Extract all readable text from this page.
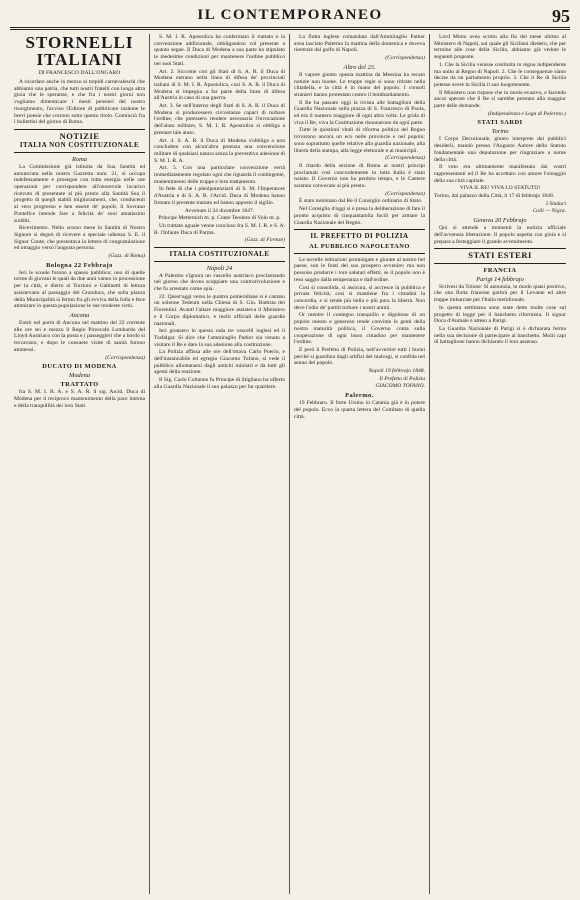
IL CONTEMPORANEO	95
STORNELLI
ITALIANI
DI FRANCESCO DALL'ONGARO

A ricordare anche in mezzo ai trepidi carnevaleschi che abbiamo una patria, che tutti nostri fratelli con lunga altra gioia che le speranze, e che fra i nostri giorni non vogliamo dimenticare i mesti pensieri del nostro risorgimento, l'avviso l'Editore di pubblicare insieme le brevi poesie che corrono sotto questo titolo. Cominciò fra i bollettini del giorno di Roma.

NOTIZIE
ITALIA NON COSTITUZIONALE
Roma

La Commissione già istituita da Sua Santità ed annunciata nella nostra Gazzetta num. 21, si occupa indefessamente e prosegue con tutta energia nelle sue operazioni per corrispondere all'onorevole incarico ricevuto di presentare al più presto alla Santità Sua il progetto di quegli stabili miglioramenti, che, conducenti al vero progresso e ben essere de' popoli, il Sovrano Pontefice intende fare a felicità de' suoi amatissimi sudditi.

Ricevimento. Nello scorso mese la Santità di Nostro Signore si degnò di ricevere a speciale udienza S. E. il Signor Conte, che presentava la lettera di congratulazione ed omaggio verso l'augusta persona.

(Gazz. di Roma)
Bologna 22 Febbrajo

Ieri le scuole furono a spasso pubblico; uno di quelle torme di giovani le quali da due anni vanno in processione per la città, e dietro ai Torrioni e Gabinetti di lettura assistevano al passaggio dei Granduca, che sulla piazza della Municipalità si fermò fra gli evviva della folla e fece ammirare in questa popolazione le sue modeste virtù.

Ancona

Entrò nel porto di Ancona nel mattino del 22 corrente alle ore sei e mezzo il Regio Piroscafo Lombardo del Lloyd Austriaco con la posta e i passeggieri che a bordo si trovavano, e dopo le consuete visite di sanità furono ammessi.

(Corrispondenza)
DUCATO DI MODENA
Modena
TRATTATO

fra S. M. I. R. A. e S. A. R. il sig. Arcid. Duca di Modena per il reciproco mantenimento della pace interna e della tranquillità dei loro Stati.

S. M. I. R. Apostolica ha confermato il trattato e la convenzione addizionale, obbligandosi col presente a quanto segue. Il Duca di Modena a sua parte ha stipulato le medesime condizioni per mantenere l'ordine pubblico nei suoi Stati.

Art. 2. Siccome con gli Stati di S. A. R. il Duca di Modena entrano nella linea di difesa de' provinciali italiani di S. M. I. R. Apostolica, così S. A. R. il Duca di Modena si impegna a far parte della linea di difesa all'Austria in caso di una guerra.

Art. 3. Se nell'interno degli Stati di S. A. R. il Duca di Modena si producessero circostanze capaci di turbare l'ordine, che potessero rendere necessaria l'invocazione dell'aiuto militare, S. M. I. R. Apostolica si obbliga a prestare tale aiuto.

Art. 4. S. A. R. il Duca di Modena s'obbliga a non concludere con alcun'altra potenza una convenzione militare di qualsiasi natura senza la preventiva adesione di S. M. I. R. A.

Art. 5. Con una particolare convenzione verrà immediatamente regolato ogni che riguarda il contingente, mantenimento delle truppe e loro trattamento.

In fede di che i plenipotenziarii di S. M. l'Imperatore d'Austria e di S. A. R. l'Arcid. Duca di Modena hanno firmato il presente trattato ed hanno apposto il sigillo.

Avvenuto il 24 dicembre 1847.
Principe Metternich m. p. Conte Teodoro di Volo m. p.

Un trattato uguale venne concluso fra S. M. I. R. e S. A. R. l'Infante Duca di Parma.

(Gazz. di Firenze)
ITALIA COSTITUZIONALE
Napoli 24

A Palermo s'ignora un vascello austriaco proclamando nel giorno che dovea scoppiare una controrivoluzione e che fu arrestato come spia.

22. Quest'oggi verso le quattro pomeridiane si è cantato un solenne Tedeum nella Chiesa di S. Gio. Battista dei Fiorentini. Avanti l'altare maggiore assisteva il Ministero e il Corpo diplomatico, e molti ufficiali delle guardie nazionali.

Ieri giunsero in questa rada tre vascelli inglesi ed il Trafalgar. Si dice che l'ammiraglio Parker sia venuto a visitare il Re e dare la sua adesione alla costituzione.

La Polizia affissa alle ore dell'ottava Carlo Poerio, e dell'instancabile ed egregio Giacomo Tofano, si vede il pubblico allontanarsi dagli antichi ministri e da tutti gli agenti della reazione.

Il Sig. Carlo Coltanne fu Principe di Stigliano ha offerto alla Guardia Nazionale il suo palazzo per far quartiere.

La flotta inglese comandata dall'Ammiraglio Parker avea lasciato Palermo la mattina della domenica e doveva rientrare dal golfo di Napoli.

(Corrispondenza)
Altro del 23.

Il vapore giunto questa mattina da Messina ha recato notizie non buone. Le truppe regie si sono ritirate nella cittadella, e la città è in mano del popolo. I consoli stranieri hanno protestato contro il bombardamento.

Il Re ha passato oggi la rivista alle battaglioni della Guardia Nazionale sulla piazza di S. Francesco di Paola, ed era il numero maggiore di ogni altra volta. Le grida di viva il Re, viva la Costituzione risuonarono da ogni parte.

Tutte le quistioni vitali di riforma politica del Regno trovarono ancora un eco nelle provincie e nel popolo; sono soprattutto quelle relative alla guardia nazionale, alla libertà della stampa, alla legge elettorale e ai municipii.

(Corrispondenza)

Il ritardo della sezione di Roma ai nostri principi proclamati così concordemente in tutta Italia è stato notato. Il Governo non ha perduto tempo, e le Camere saranno convocate al più presto.

(Corrispondenza)

È stato nominato dal Re il Consiglio ordinario di Stato.

Nel Consiglio d'oggi si è presa la deliberazione di fare il pronto acquisto di cinquantamila fucili per armare la Guardia Nazionale del Regno.

IL PREFETTO DI POLIZIA
AL PUBBLICO NAPOLETANO

Le novelle istituzioni promulgate e giurate al nostro bel paese, son le fonti del suo prospero avvenire; ma non possono produrre i loro salutari effetti, se il popolo non è reso saggio dalla temperanza e dall'ordine.

Cosi si consolida, si assicura, si accresce la pubblica e privata felicità; cosi si mantiene fra i cittadini la concordia, e si rende più bella e più pura la libertà. Non deve l'odio de' partiti turbare i nostri animi.

Or mentre il contegno tranquillo e dignitoso di un popolo onesto e generoso rende convinte le genti della nostra maturità politica, il Governo conta sulla cooperazione di ogni buon cittadino per mantenere l'ordine.

E però il Prefetto di Polizia, nell'avvertire tutti i buoni perchè si guardino dagli artifizi dei malvagi, si confida nel senno del popolo.

Napoli 19 febbrajo 1848.
Il Prefetto di Polizia
GIACOMO TOFANO.
Palermo.

19 Febbraro. Il forte Ursino in Catania già è in potere del popolo. Ecco la quarta lettera del Comitato di quella città.

Lord Minto avea scritto alla fin del mese ultimo al Ministero di Napoli, sul quale gli Siciliani diedero, che per termine alle cose della Sicilia, abbiamo già vedute le seguenti proposte.

1. Che la Sicilia venisse costituita in regno indipendente ma unito al Regno di Napoli. 2. Che le conseguenze siano decise da un parlamento proprio. 3. Che il Re di Sicilia potesse avere in Sicilia il suo luogotenente.

Il Ministero non rispose che in modo evasivo, e facendo ancor sperare che il Re si sarebbe prestato alla maggior parte delle domande.

(Indipendenza e Lega di Palermo.)
STATI SARDI
Torino

I Corpo Decurionale, giunto interprete dei pubblici desiderii, mandò presso l'Augusto Autore dello Statuto fondamentale una deputazione per ringraziare a nome della città.

Il voto era ultimamente manifestato dai vostri rappresentanti ed il Re ha accettato con amore l'omaggio della sua città capitale.

VIVA IL RE! VIVA LO STATUTO!
Torino, dal palazzo della Città, il 17 di febbrajo 1848.
I Sindaci
Colli — Nigra.
Genova 20 Febbrajo

Qui si attende a momenti la notizia ufficiale dell'avvenuta liberazione. Il popolo aspetta con gioia e si prepara a festeggiare il grande avvenimento.

STATI ESTERI
FRANCIA
Parigi 14 febbrajo

Scrivesi da Tolone: Si annunzia, in modo quasi positivo, che una flotta francese partirà per il Levante ed altre truppe imbarcate per l'Italia meridionale.

In questa settimana sono state dette molte cose sul progetto di legge per il banchetto riformista. Il signor Duca d'Aumale è atteso a Parigi.

La Guardia Nazionale di Parigi si è dichiarata ferma nella sua decisione di partecipare al banchetto. Molti capi di battaglione hanno dichiarato il loro assenso.
